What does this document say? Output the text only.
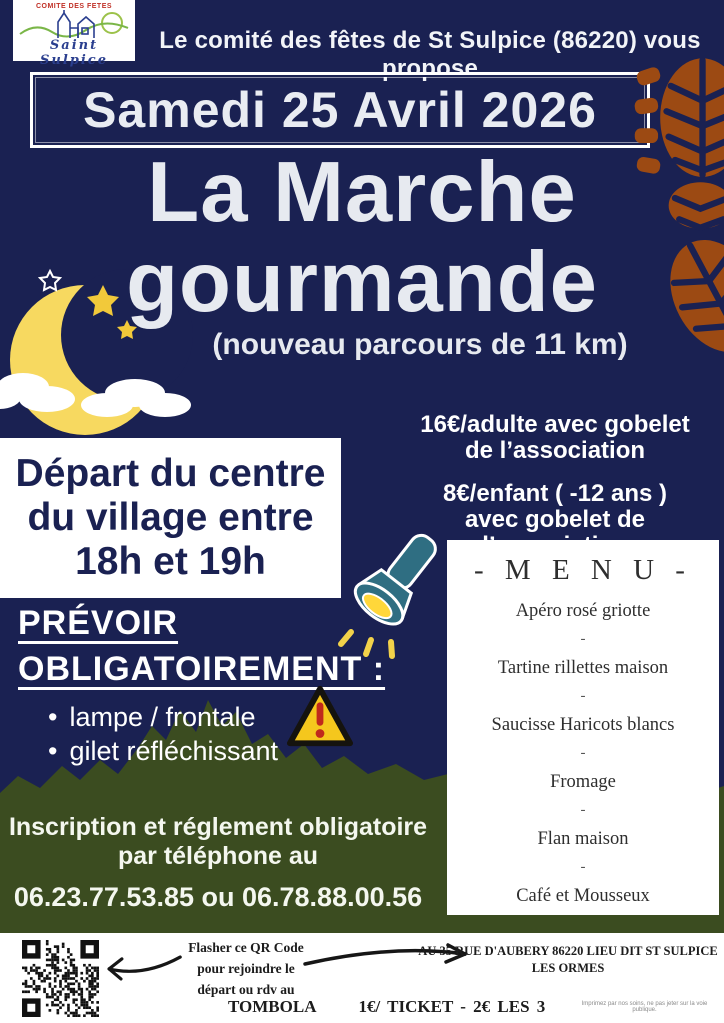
COMITE DES FETES
Saint Sulpice
Le comité des fêtes de St Sulpice (86220) vous propose
Samedi 25 Avril 2026
La Marche
gourmande
(nouveau parcours de 11 km)
16€/adulte avec gobelet
de l’association
8€/enfant ( -12 ans )
avec gobelet de
Départ du centre
du village entre
18h et 19h
PRÉVOIR
OBLIGATOIREMENT :
• lampe / frontale
• gilet réfléchissant
- M E N U -
Apéro rosé griotte
-
Tartine rillettes maison
-
Saucisse Haricots blancs
-
Fromage
-
Flan maison
-
Café et Mousseux
Inscription et réglement obligatoire
par téléphone au
06.23.77.53.85 ou 06.78.88.00.56
Flasher ce QR Code
pour rejoindre le
départ ou rdv au
AU 35 RUE D'AUBERY 86220 LIEU DIT ST SULPICE
LES ORMES
TOMBOLA 1€/ TICKET - 2€ LES 3	Imprimez par nos soins, ne pas jeter sur la voie publique.
